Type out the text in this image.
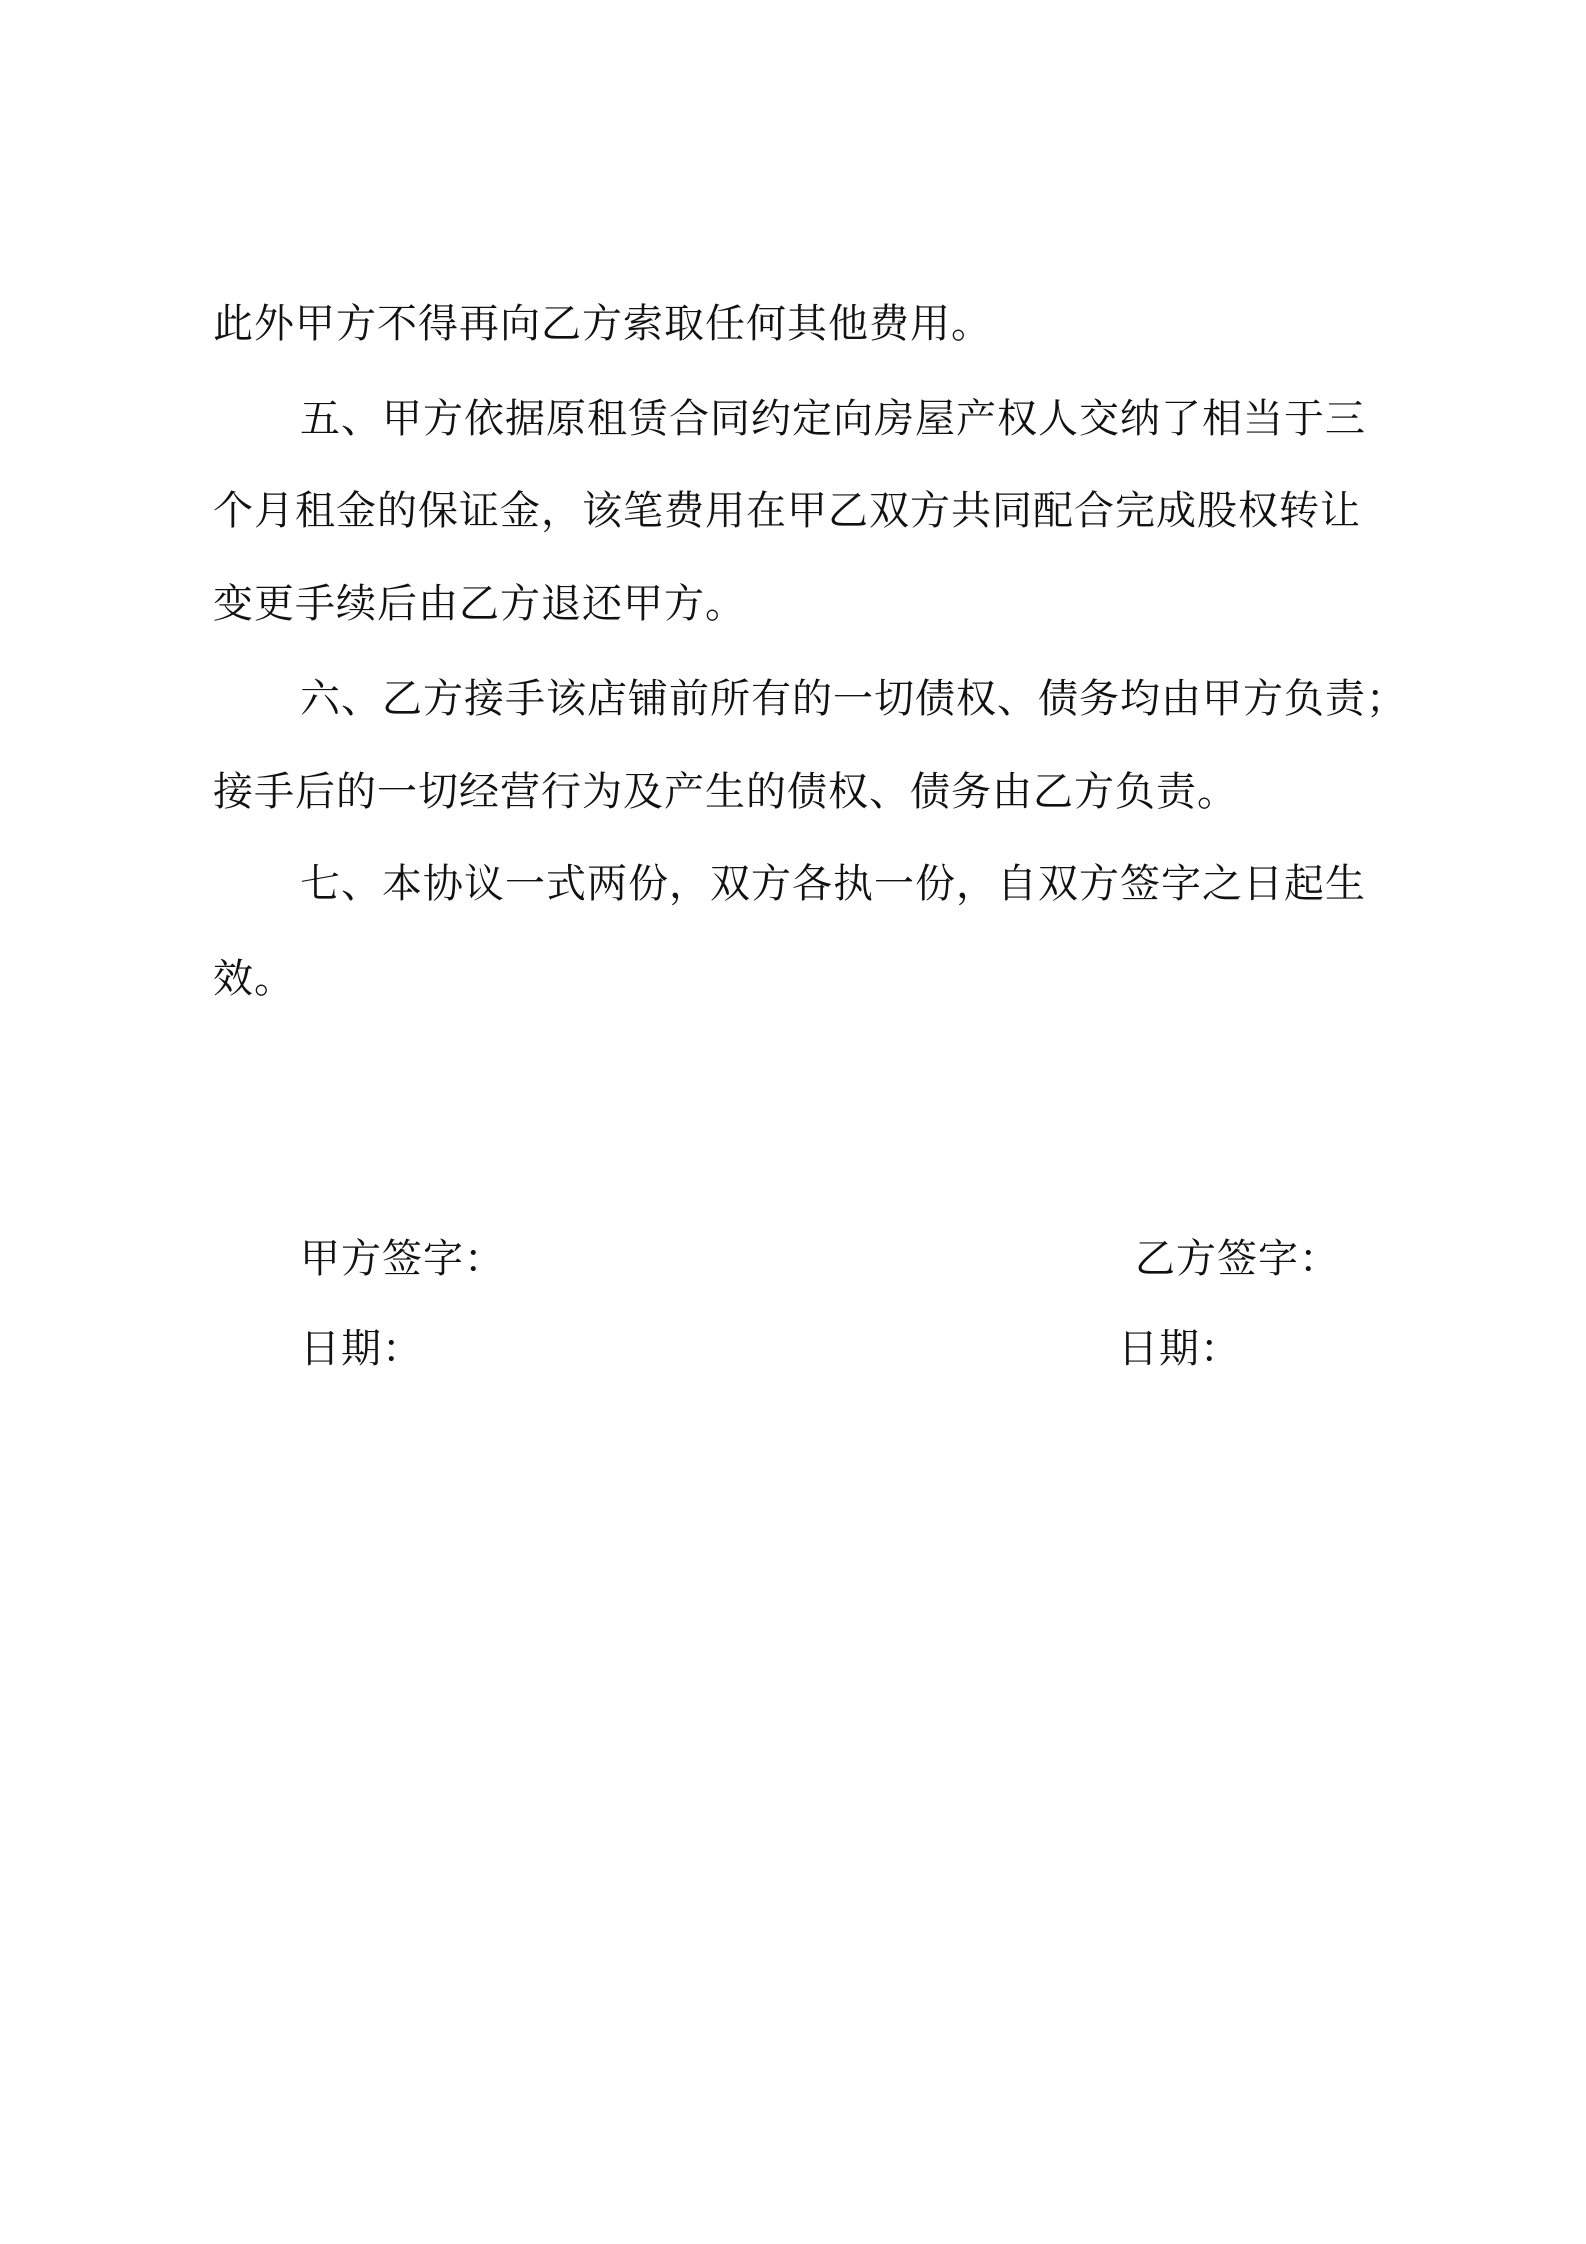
此外甲方不得再向乙方索取任何其他费用。
五、甲方依据原租赁合同约定向房屋产权人交纳了相当于三
个月租金的保证金，该笔费用在甲乙双方共同配合完成股权转让
变更手续后由乙方退还甲方。
六、乙方接手该店铺前所有的一切债权、债务均由甲方负责；
接手后的一切经营行为及产生的债权、债务由乙方负责。
七、本协议一式两份，双方各执一份，自双方签字之日起生
效。
甲方签字：
日期：
乙方签字：
日期：
